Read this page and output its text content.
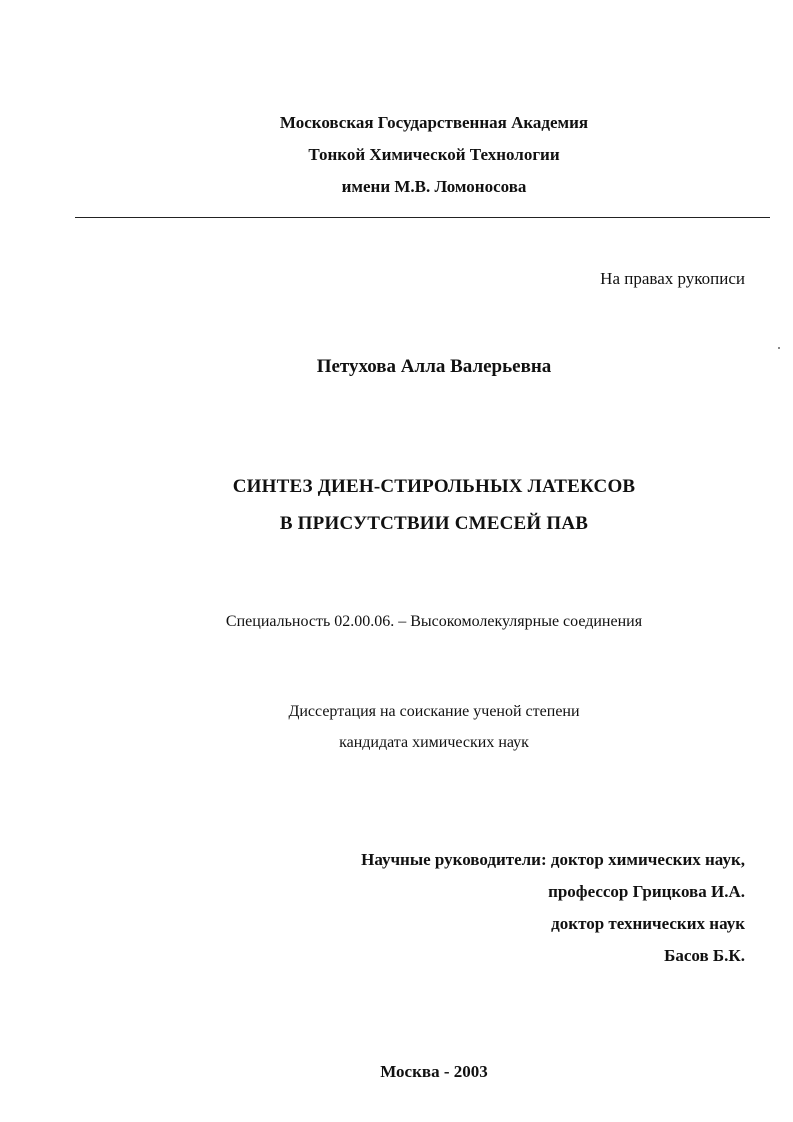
Московская Государственная Академия
Тонкой Химической Технологии
имени М.В. Ломоносова
На правах рукописи
Петухова Алла Валерьевна
СИНТЕЗ ДИЕН-СТИРОЛЬНЫХ ЛАТЕКСОВ
В ПРИСУТСТВИИ СМЕСЕЙ ПАВ
Специальность 02.00.06. – Высокомолекулярные соединения
Диссертация на соискание ученой степени
кандидата химических наук
Научные руководители: доктор химических наук,
профессор Грицкова И.А.
доктор технических наук
Басов Б.К.
Москва - 2003
